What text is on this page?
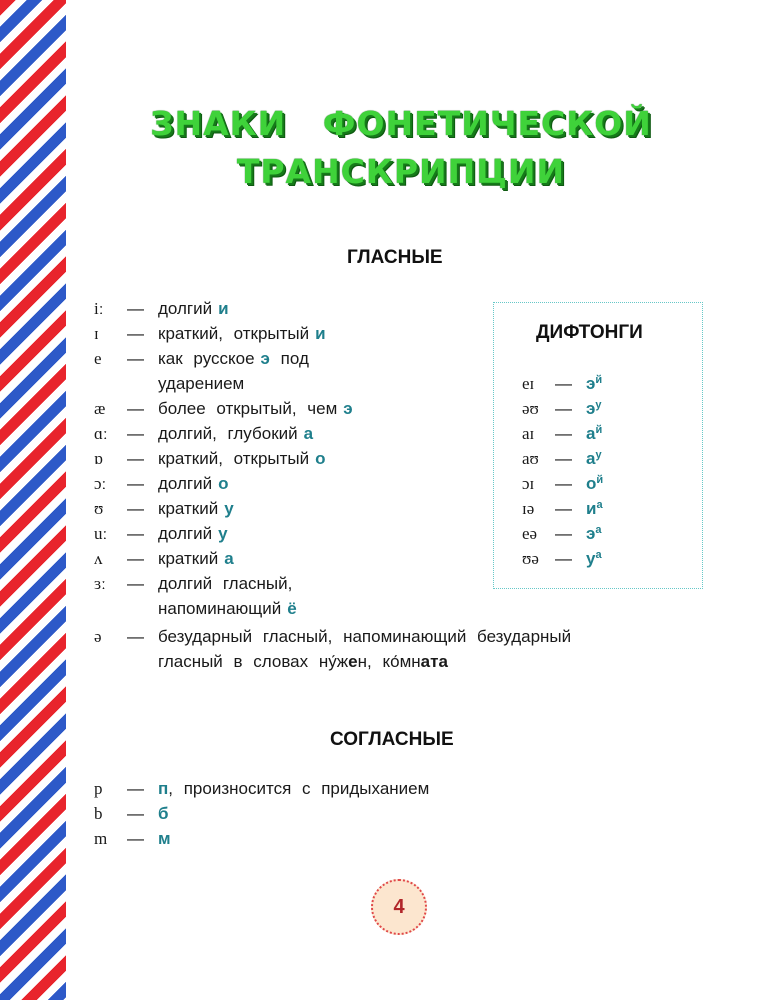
ЗНАКИ ФОНЕТИЧЕСКОЙ
ТРАНСКРИПЦИИ
ГЛАСНЫЕ
iː	— долгий и
ɪ	— краткий, открытый и
e	— как русское э под
ударением
æ	— более открытый, чем э
ɑː	— долгий, глубокий а
ɒ	— краткий, открытый о
ɔː	— долгий о
ʊ	— краткий у
uː	— долгий у
ʌ	— краткий а
ɜː	— долгий гласный,
напоминающий ё
ə	— безударный гласный, напоминающий безударный
гласный в словах ну́жен, ко́мната
ДИФТОНГИ
eɪ — $э^й$
əʊ — $э^у$
aɪ — $а^й$
aʊ — $а^у$
ɔɪ — $о^й$
ɪə — $и^а$
eə — $э^а$
ʊə — $у^а$
СОГЛАСНЫЕ
p	— п, произносится с придыханием
b	— б
m	— м
4
